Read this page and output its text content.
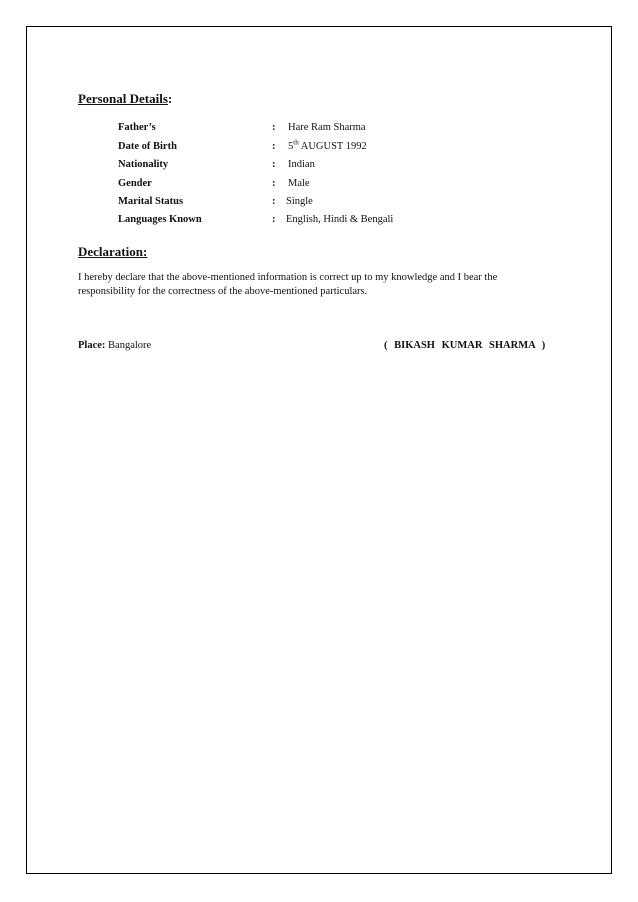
Personal Details:
Father’s	: Hare Ram Sharma
Date of Birth	: 5th AUGUST 1992
Nationality	: Indian
Gender	: Male
Marital Status	: Single
Languages Known	: English, Hindi & Bengali
Declaration:

I hereby declare that the above-mentioned information is correct up to my knowledge and I bear the responsibility for the correctness of the above-mentioned particulars.

Place: Bangalore	( BIKASH KUMAR SHARMA )
